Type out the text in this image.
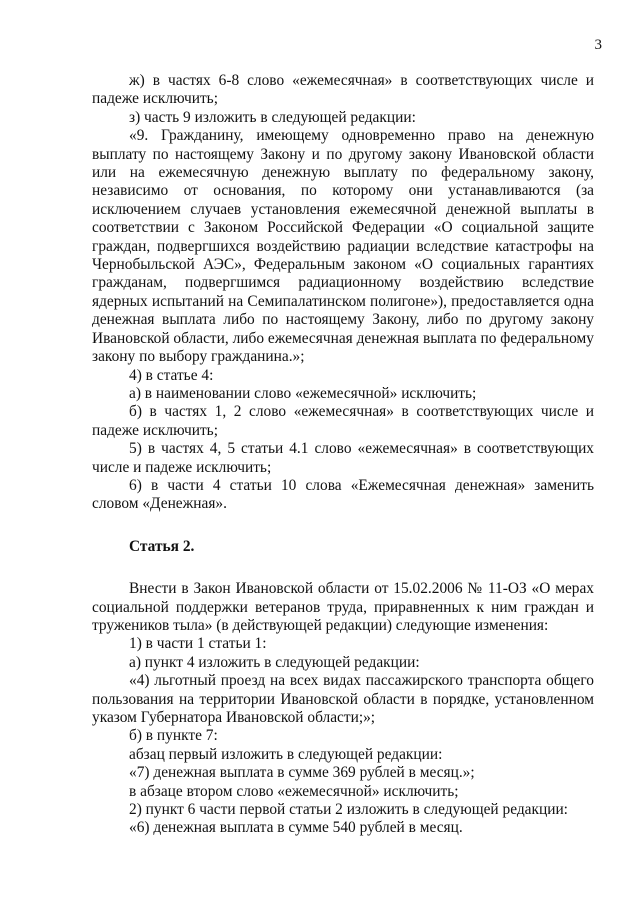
3

ж) в частях 6-8 слово «ежемесячная» в соответствующих числе и падеже исключить;

з) часть 9 изложить в следующей редакции:

«9. Гражданину, имеющему одновременно право на денежную выплату по настоящему Закону и по другому закону Ивановской области или на ежемесячную денежную выплату по федеральному закону, независимо от основания, по которому они устанавливаются (за исключением случаев установления ежемесячной денежной выплаты в соответствии с Законом Российской Федерации «О социальной защите граждан, подвергшихся воздействию радиации вследствие катастрофы на Чернобыльской АЭС», Федеральным законом «О социальных гарантиях гражданам, подвергшимся радиационному воздействию вследствие ядерных испытаний на Семипалатинском полигоне»), предоставляется одна денежная выплата либо по настоящему Закону, либо по другому закону Ивановской области, либо ежемесячная денежная выплата по федеральному закону по выбору гражданина.»;

4) в статье 4:

а) в наименовании слово «ежемесячной» исключить;

б) в частях 1, 2 слово «ежемесячная» в соответствующих числе и падеже исключить;

5) в частях 4, 5 статьи 4.1 слово «ежемесячная» в соответствующих числе и падеже исключить;

6) в части 4 статьи 10 слова «Ежемесячная денежная» заменить словом «Денежная».

Статья 2.

Внести в Закон Ивановской области от 15.02.2006 № 11-ОЗ «О мерах социальной поддержки ветеранов труда, приравненных к ним граждан и тружеников тыла» (в действующей редакции) следующие изменения:

1) в части 1 статьи 1:

а) пункт 4 изложить в следующей редакции:

«4) льготный проезд на всех видах пассажирского транспорта общего пользования на территории Ивановской области в порядке, установленном указом Губернатора Ивановской области;»;

б) в пункте 7:

абзац первый изложить в следующей редакции:

«7) денежная выплата в сумме 369 рублей в месяц.»;

в абзаце втором слово «ежемесячной» исключить;

2) пункт 6 части первой статьи 2 изложить в следующей редакции:

«6) денежная выплата в сумме 540 рублей в месяц.
